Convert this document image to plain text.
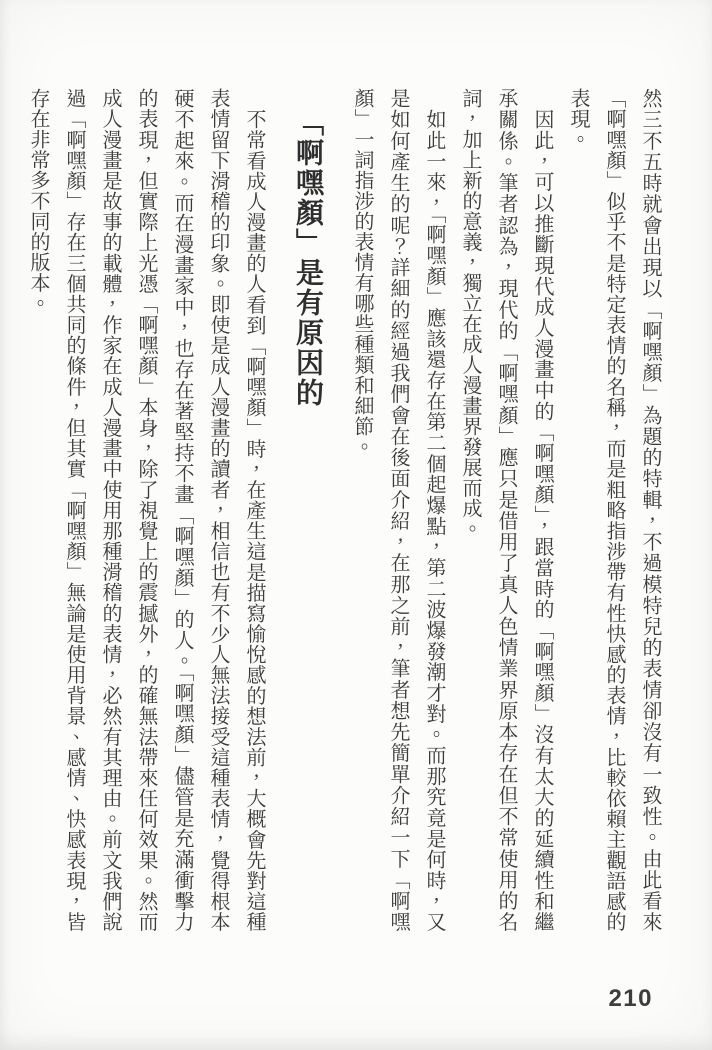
然三不五時就會出現以「啊嘿顏」為題的特輯，不過模特兒的表情卻沒有一致性。由此看來「啊嘿顏」似乎不是特定表情的名稱，而是粗略指涉帶有性快感的表情，比較依賴主觀語感的表現。

因此，可以推斷現代成人漫畫中的「啊嘿顏」，跟當時的「啊嘿顏」沒有太大的延續性和繼承關係。筆者認為，現代的「啊嘿顏」應只是借用了真人色情業界原本存在但不常使用的名詞，加上新的意義，獨立在成人漫畫界發展而成。

如此一來，「啊嘿顏」應該還存在第二個起爆點，第二波爆發潮才對。而那究竟是何時，又是如何產生的呢？詳細的經過我們會在後面介紹，在那之前，筆者想先簡單介紹一下「啊嘿顏」一詞指涉的表情有哪些種類和細節。

「啊嘿顏」是有原因的

不常看成人漫畫的人看到「啊嘿顏」時，在產生這是描寫愉悅感的想法前，大概會先對這種表情留下滑稽的印象。即使是成人漫畫的讀者，相信也有不少人無法接受這種表情，覺得根本硬不起來。而在漫畫家中，也存在著堅持不畫「啊嘿顏」的人。「啊嘿顏」儘管是充滿衝擊力的表現，但實際上光憑「啊嘿顏」本身，除了視覺上的震撼外，的確無法帶來任何效果。然而成人漫畫是故事的載體，作家在成人漫畫中使用那種滑稽的表情，必然有其理由。前文我們說過「啊嘿顏」存在三個共同的條件，但其實「啊嘿顏」無論是使用背景、感情、快感表現，皆存在非常多不同的版本。

210
